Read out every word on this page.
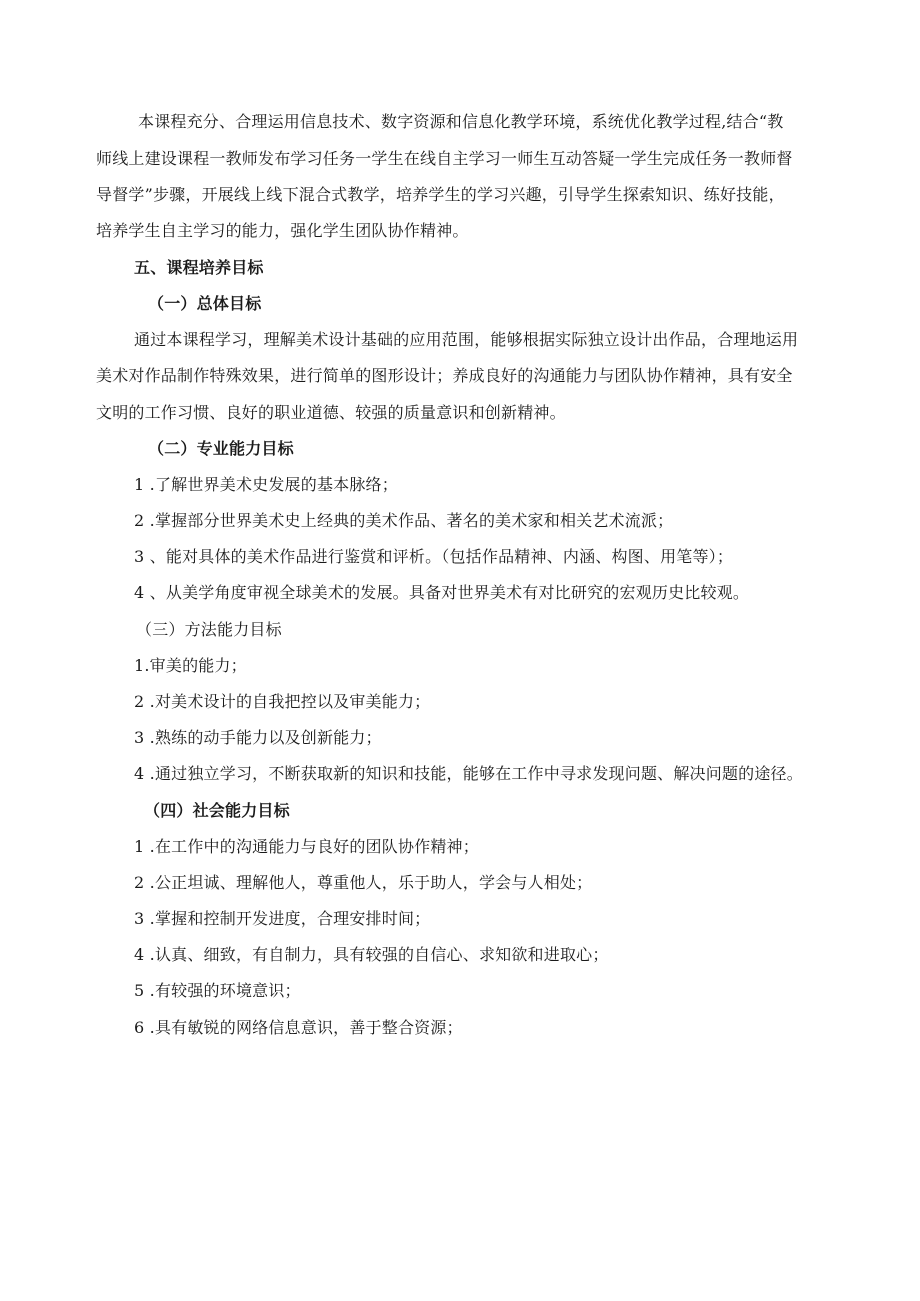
本课程充分、合理运用信息技术、数字资源和信息化教学环境，系统优化教学过程,结合“教
师线上建设课程一教师发布学习任务一学生在线自主学习一师生互动答疑一学生完成任务一教师督
导督学”步骤，开展线上线下混合式教学，培养学生的学习兴趣，引导学生探索知识、练好技能，
培养学生自主学习的能力，强化学生团队协作精神。
五、课程培养目标
（一）总体目标
通过本课程学习，理解美术设计基础的应用范围，能够根据实际独立设计出作品，合理地运用
美术对作品制作特殊效果，进行简单的图形设计；养成良好的沟通能力与团队协作精神，具有安全
文明的工作习惯、良好的职业道德、较强的质量意识和创新精神。
（二）专业能力目标
1 .了解世界美术史发展的基本脉络；
2 .掌握部分世界美术史上经典的美术作品、著名的美术家和相关艺术流派；
3 、能对具体的美术作品进行鉴赏和评析。（包括作品精神、内涵、构图、用笔等）；
4 、从美学角度审视全球美术的发展。具备对世界美术有对比研究的宏观历史比较观。
（三）方法能力目标
1.审美的能力；
2 .对美术设计的自我把控以及审美能力；
3 .熟练的动手能力以及创新能力；
4 .通过独立学习，不断获取新的知识和技能，能够在工作中寻求发现问题、解决问题的途径。
（四）社会能力目标
1 .在工作中的沟通能力与良好的团队协作精神；
2 .公正坦诚、理解他人，尊重他人，乐于助人，学会与人相处；
3 .掌握和控制开发进度，合理安排时间；
4 .认真、细致，有自制力，具有较强的自信心、求知欲和进取心；
5 .有较强的环境意识；
6 .具有敏锐的网络信息意识，善于整合资源；
